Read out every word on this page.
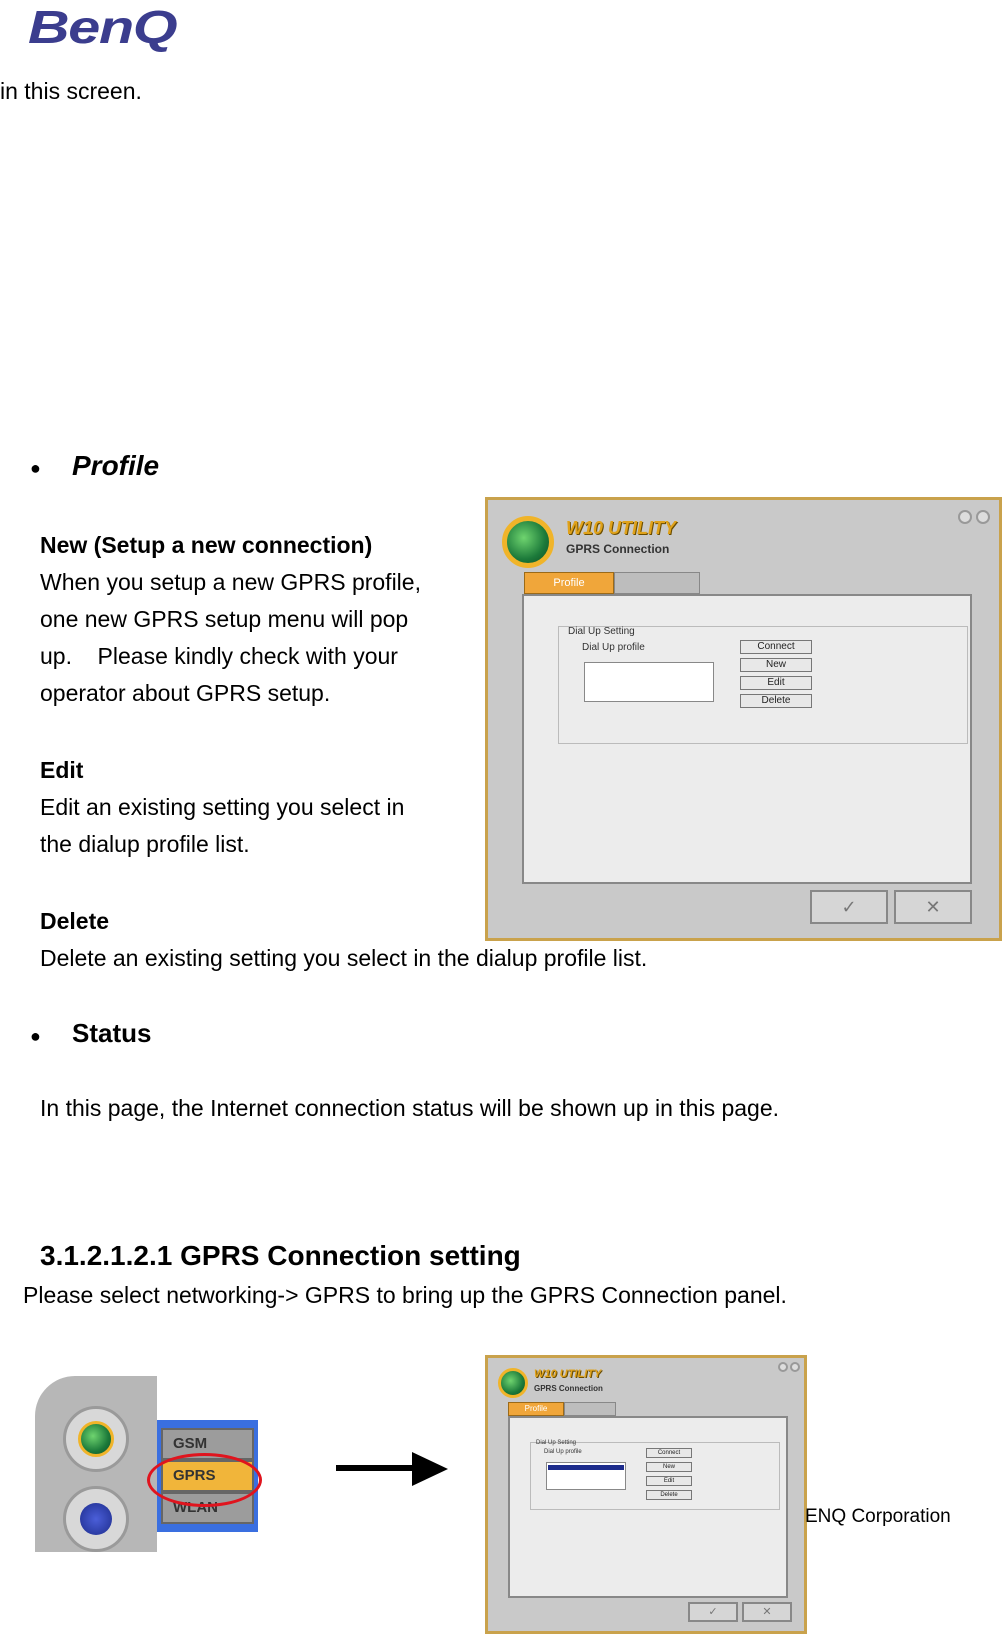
BenQ
in this screen.
● Profile
New (Setup a new connection)
When you setup a new GPRS profile,
one new GPRS setup menu will pop
up.    Please kindly check with your
operator about GPRS setup.
Edit
Edit an existing setting you select in
the dialup profile list.
Delete
Delete an existing setting you select in the dialup profile list.
● Status
In this page, the Internet connection status will be shown up in this page.
3.1.2.1.2.1 GPRS Connection setting
Please select networking-> GPRS to bring up the GPRS Connection panel.
W10 UTILITY
GPRS Connection
Profile
Dial Up Setting
Dial Up profile	Connect
New
Edit
Delete
✓	✕
GSM
GPRS
WLAN
W10 UTILITY
GPRS Connection
Profile
Dial Up Setting
Dial Up profile	Connect
New
Edit
Delete
✓	✕
ENQ Corporation
